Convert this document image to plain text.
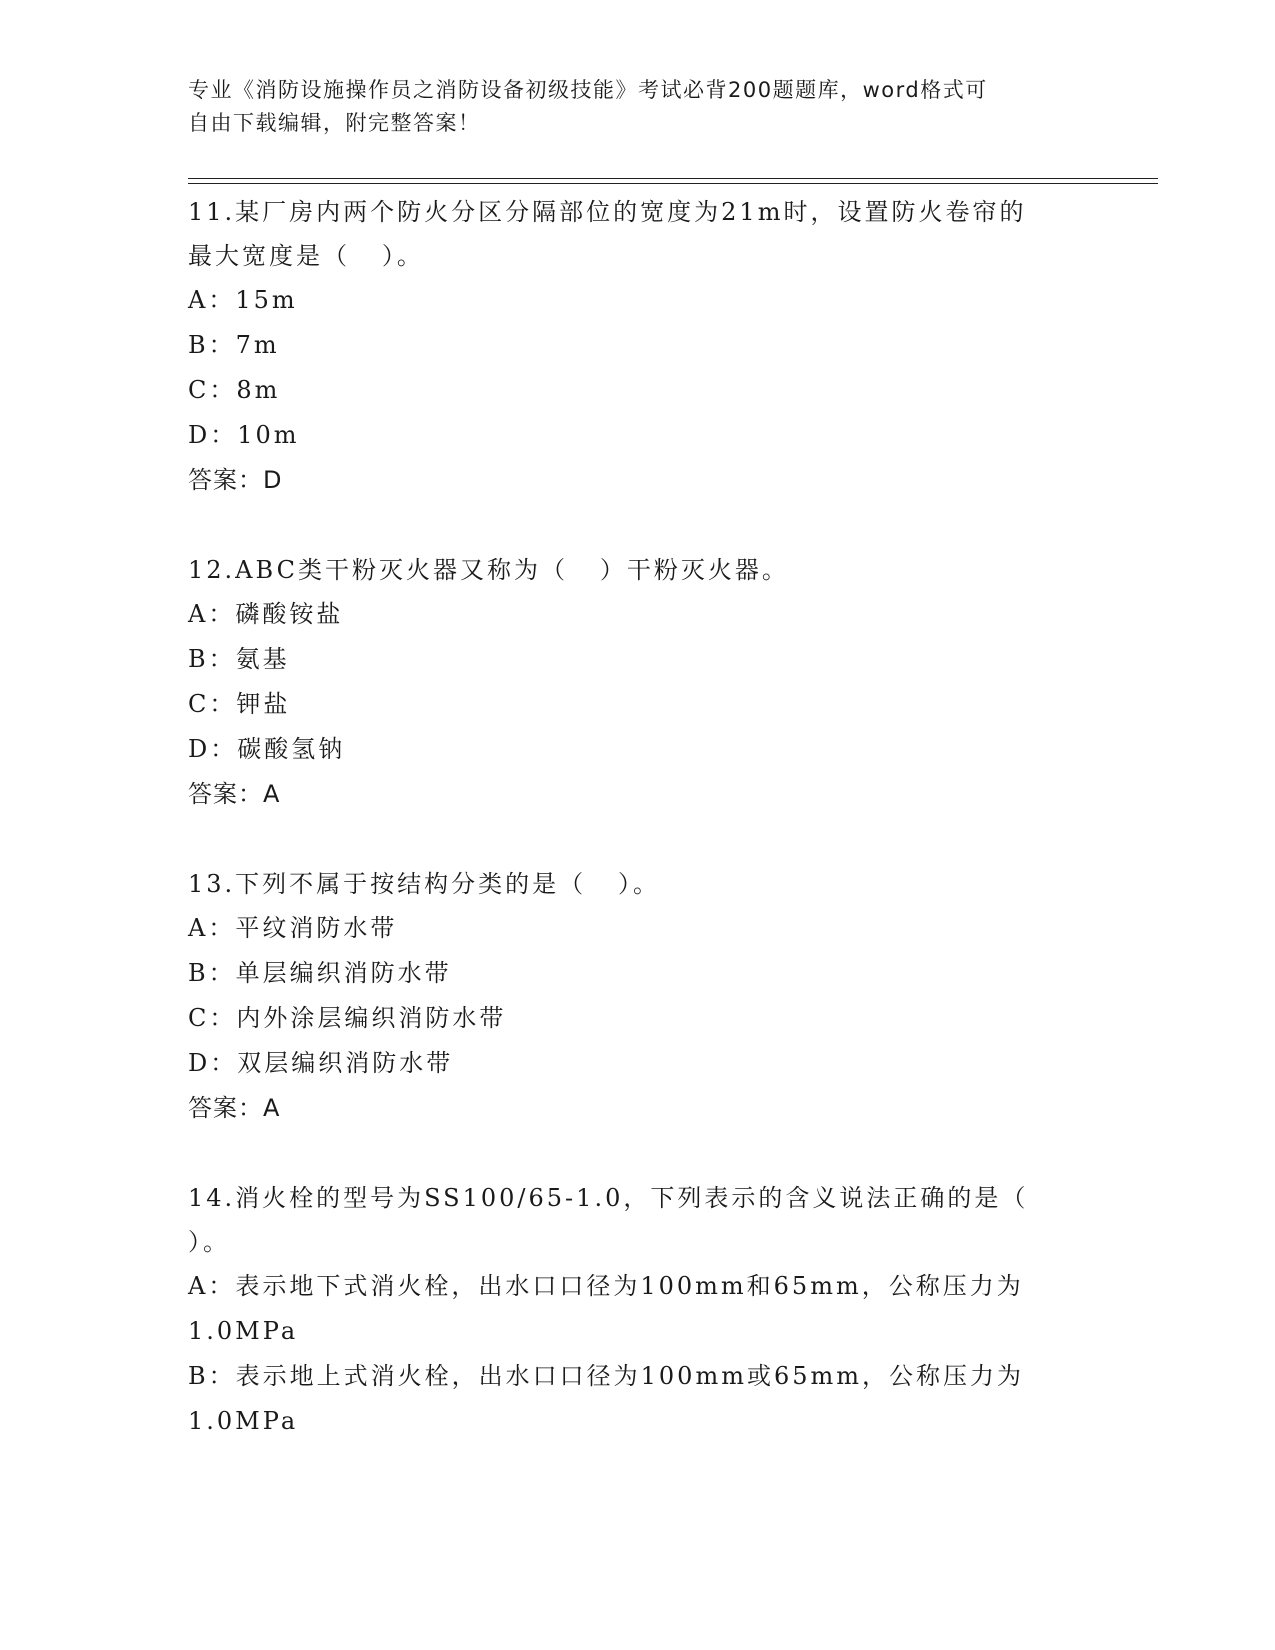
专业《消防设施操作员之消防设备初级技能》考试必背200题题库，word格式可
自由下载编辑，附完整答案！

11.某厂房内两个防火分区分隔部位的宽度为21m时，设置防火卷帘的

最大宽度是（   ）。

A：15m

B：7m

C：8m

D：10m

答案：D

12.ABC类干粉灭火器又称为（   ）干粉灭火器。

A：磷酸铵盐

B：氨基

C：钾盐

D：碳酸氢钠

答案：A

13.下列不属于按结构分类的是（   ）。

A：平纹消防水带

B：单层编织消防水带

C：内外涂层编织消防水带

D：双层编织消防水带

答案：A

14.消火栓的型号为SS100/65-1.0，下列表示的含义说法正确的是（

）。

A：表示地下式消火栓，出水口口径为100mm和65mm，公称压力为

1.0MPa

B：表示地上式消火栓，出水口口径为100mm或65mm，公称压力为

1.0MPa
